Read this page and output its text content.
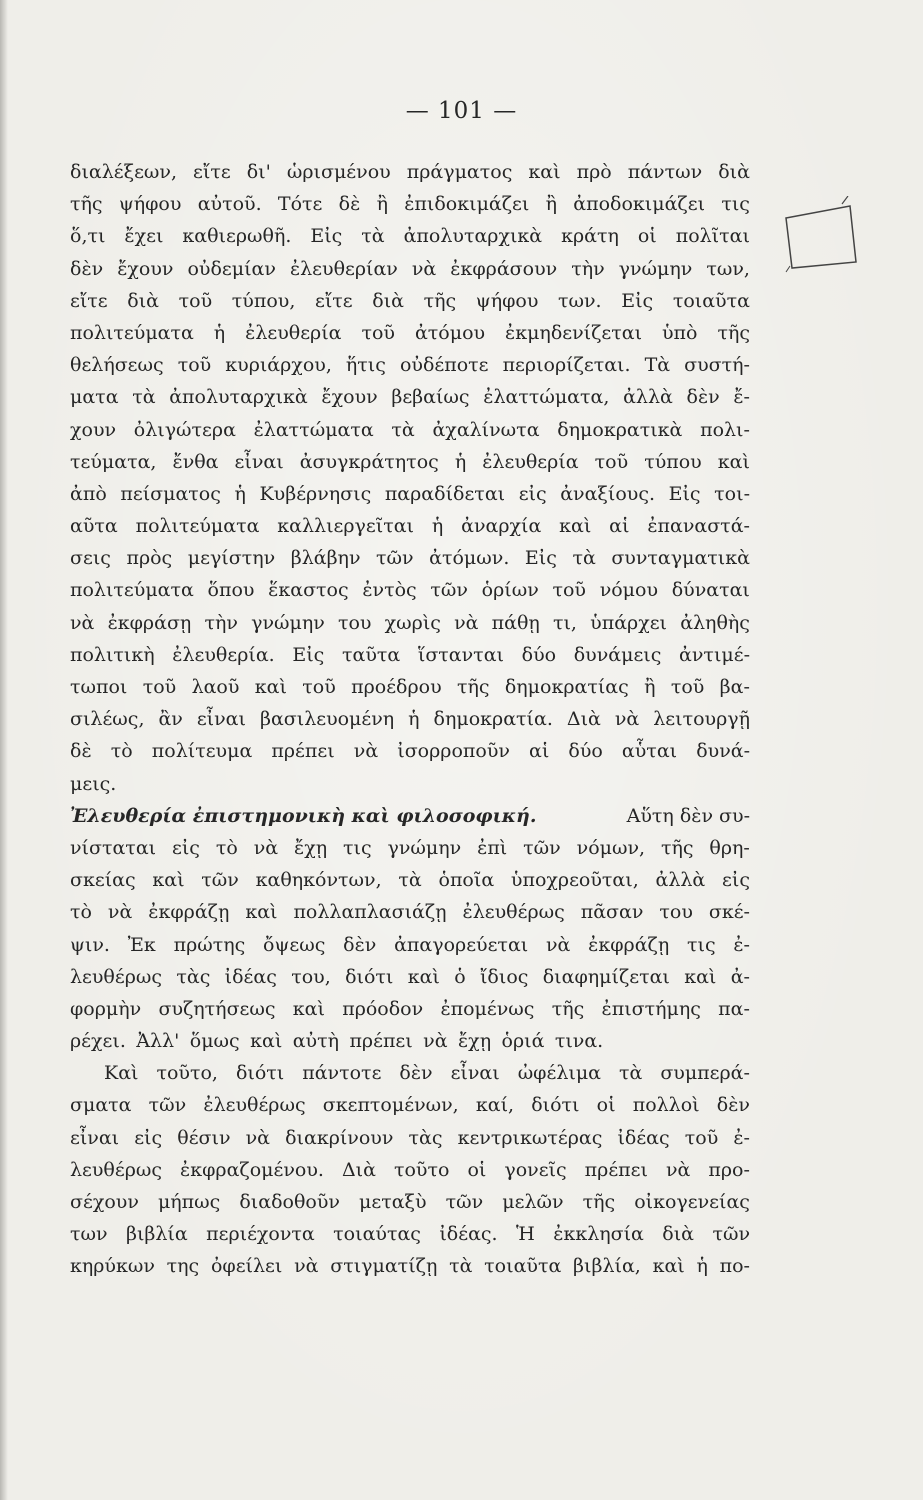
— 101 —
διαλέξεων, εἴτε δι' ὡρισμένου πράγματος καὶ πρὸ πάντων διὰ
τῆς ψήφου αὐτοῦ. Τότε δὲ ἢ ἐπιδοκιμάζει ἢ ἀποδοκιμάζει τις
ὅ,τι ἔχει καθιερωθῆ. Εἰς τὰ ἀπολυταρχικὰ κράτη οἱ πολῖται
δὲν ἔχουν οὐδεμίαν ἐλευθερίαν νὰ ἐκφράσουν τὴν γνώμην των,
εἴτε διὰ τοῦ τύπου, εἴτε διὰ τῆς ψήφου των. Εἰς τοιαῦτα
πολιτεύματα ἡ ἐλευθερία τοῦ ἀτόμου ἐκμηδενίζεται ὑπὸ τῆς
θελήσεως τοῦ κυριάρχου, ἥτις οὐδέποτε περιορίζεται. Τὰ συστή-
ματα τὰ ἀπολυταρχικὰ ἔχουν βεβαίως ἐλαττώματα, ἀλλὰ δὲν ἔ-
χουν ὀλιγώτερα ἐλαττώματα τὰ ἀχαλίνωτα δημοκρατικὰ πολι-
τεύματα, ἔνθα εἶναι ἀσυγκράτητος ἡ ἐλευθερία τοῦ τύπου καὶ
ἀπὸ πείσματος ἡ Κυβέρνησις παραδίδεται εἰς ἀναξίους. Εἰς τοι-
αῦτα πολιτεύματα καλλιεργεῖται ἡ ἀναρχία καὶ αἱ ἐπαναστά-
σεις πρὸς μεγίστην βλάβην τῶν ἀτόμων. Εἰς τὰ συνταγματικὰ
πολιτεύματα ὅπου ἕκαστος ἐντὸς τῶν ὁρίων τοῦ νόμου δύναται
νὰ ἐκφράσῃ τὴν γνώμην του χωρὶς νὰ πάθῃ τι, ὑπάρχει ἀληθὴς
πολιτικὴ ἐλευθερία. Εἰς ταῦτα ἵστανται δύο δυνάμεις ἀντιμέ-
τωποι τοῦ λαοῦ καὶ τοῦ προέδρου τῆς δημοκρατίας ἢ τοῦ βα-
σιλέως, ἂν εἶναι βασιλευομένη ἡ δημοκρατία. Διὰ νὰ λειτουργῇ
δὲ τὸ πολίτευμα πρέπει νὰ ἰσορροποῦν αἱ δύο αὗται δυνά-
μεις.
Ἐλευθερία ἐπιστημονικὴ καὶ φιλοσοφική.	Αὕτη δὲν συ-
νίσταται εἰς τὸ νὰ ἔχῃ τις γνώμην ἐπὶ τῶν νόμων, τῆς θρη-
σκείας καὶ τῶν καθηκόντων, τὰ ὁποῖα ὑποχρεοῦται, ἀλλὰ εἰς
τὸ νὰ ἐκφράζῃ καὶ πολλαπλασιάζῃ ἐλευθέρως πᾶσαν του σκέ-
ψιν. Ἐκ πρώτης ὄψεως δὲν ἀπαγορεύεται νὰ ἐκφράζῃ τις ἐ-
λευθέρως τὰς ἰδέας του, διότι καὶ ὁ ἴδιος διαφημίζεται καὶ ἀ-
φορμὴν συζητήσεως καὶ πρόοδον ἐπομένως τῆς ἐπιστήμης πα-
ρέχει. Ἀλλ' ὅμως καὶ αὐτὴ πρέπει νὰ ἔχῃ ὁριά τινα.
Καὶ τοῦτο, διότι πάντοτε δὲν εἶναι ὠφέλιμα τὰ συμπερά-
σματα τῶν ἐλευθέρως σκεπτομένων, καί, διότι οἱ πολλοὶ δὲν
εἶναι εἰς θέσιν νὰ διακρίνουν τὰς κεντρικωτέρας ἰδέας τοῦ ἐ-
λευθέρως ἐκφραζομένου. Διὰ τοῦτο οἱ γονεῖς πρέπει νὰ προ-
σέχουν μήπως διαδοθοῦν μεταξὺ τῶν μελῶν τῆς οἰκογενείας
των βιβλία περιέχοντα τοιαύτας ἰδέας. Ἡ ἐκκλησία διὰ τῶν
κηρύκων της ὀφείλει νὰ στιγματίζῃ τὰ τοιαῦτα βιβλία, καὶ ἡ πο-
